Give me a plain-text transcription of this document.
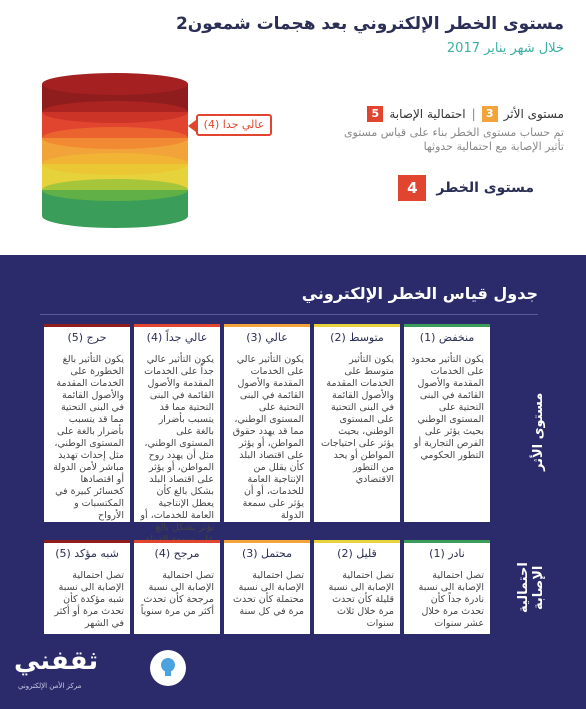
عالي جدا (4)
مستوى الخطر الإلكتروني بعد هجمات شمعون2
خلال شهر يناير 2017
مستوى الأثر
3
|
احتمالية الإصابة
5
تم حساب مستوى الخطر بناء على قياس مستوى تأثير الإصابة مع احتمالية حدوثها
مستوى الخطر
4
جدول قياس الخطر الإلكتروني
مستوى الأثر
احتمالية الإصابة
منخفض (1)
يكون التأثير محدود على الخدمات المقدمة والأصول القائمة في البنى التحتية على المستوى الوطني بحيث يؤثر على الفرص التجارية أو التطور الحكومي
متوسط (2)
يكون التأثير متوسط على الخدمات المقدمة والأصول القائمة في البنى التحتية على المستوى الوطني، بحيث يؤثر على احتياجات المواطن أو يحد من التطور الاقتصادي
عالي (3)
يكون التأثير عالي على الخدمات المقدمة والأصول القائمة في البنى التحتية على المستوى الوطني، مما قد يهدد حقوق المواطن، أو يؤثر على اقتصاد البلد كأن يقلل من الإنتاجية العامة للخدمات، أو أن يؤثر على سمعة الدولة
عالي جداً (4)
يكون التأثير عالي جداً على الخدمات المقدمة والأصول القائمة في البنى التحتية مما قد يتسبب بأضرار بالغة على المستوى الوطني، مثل أن يهدد روح المواطن، أو يؤثر على اقتصاد البلد بشكل بالغ كأن يعطل الإنتاجية العامة للخدمات، أو يؤثر بشكل بالغ
حرج (5)
يكون التأثير بالغ الخطورة على الخدمات المقدمة والأصول القائمة في البنى التحتية مما قد يتسبب بأضرار بالغة على المستوى الوطني، مثل إحداث تهديد مباشر لأمن الدولة أو اقتصادها كخسائر كبيرة في المكتسبات و الأرواح
نادر (1)
تصل احتمالية الإصابة الى نسبة نادرة جداً كأن تحدث مرة خلال عشر سنوات
قليل (2)
تصل احتمالية الإصابة الى نسبة قليلة كأن تحدث مرة خلال ثلاث سنوات
محتمل (3)
تصل احتمالية الإصابة الى نسبة محتملة كأن تحدث مرة في كل سنة
مرجح (4)
تصل احتمالية الإصابة الى نسبة مرجحة كأن تحدث أكثر من مرة سنوياً
شبه مؤكد (5)
تصل احتمالية الإصابة الى نسبة شبه مؤكدة كأن تحدث مرة أو أكثر في الشهر
ثقفني
مركز الأمن الإلكتروني
